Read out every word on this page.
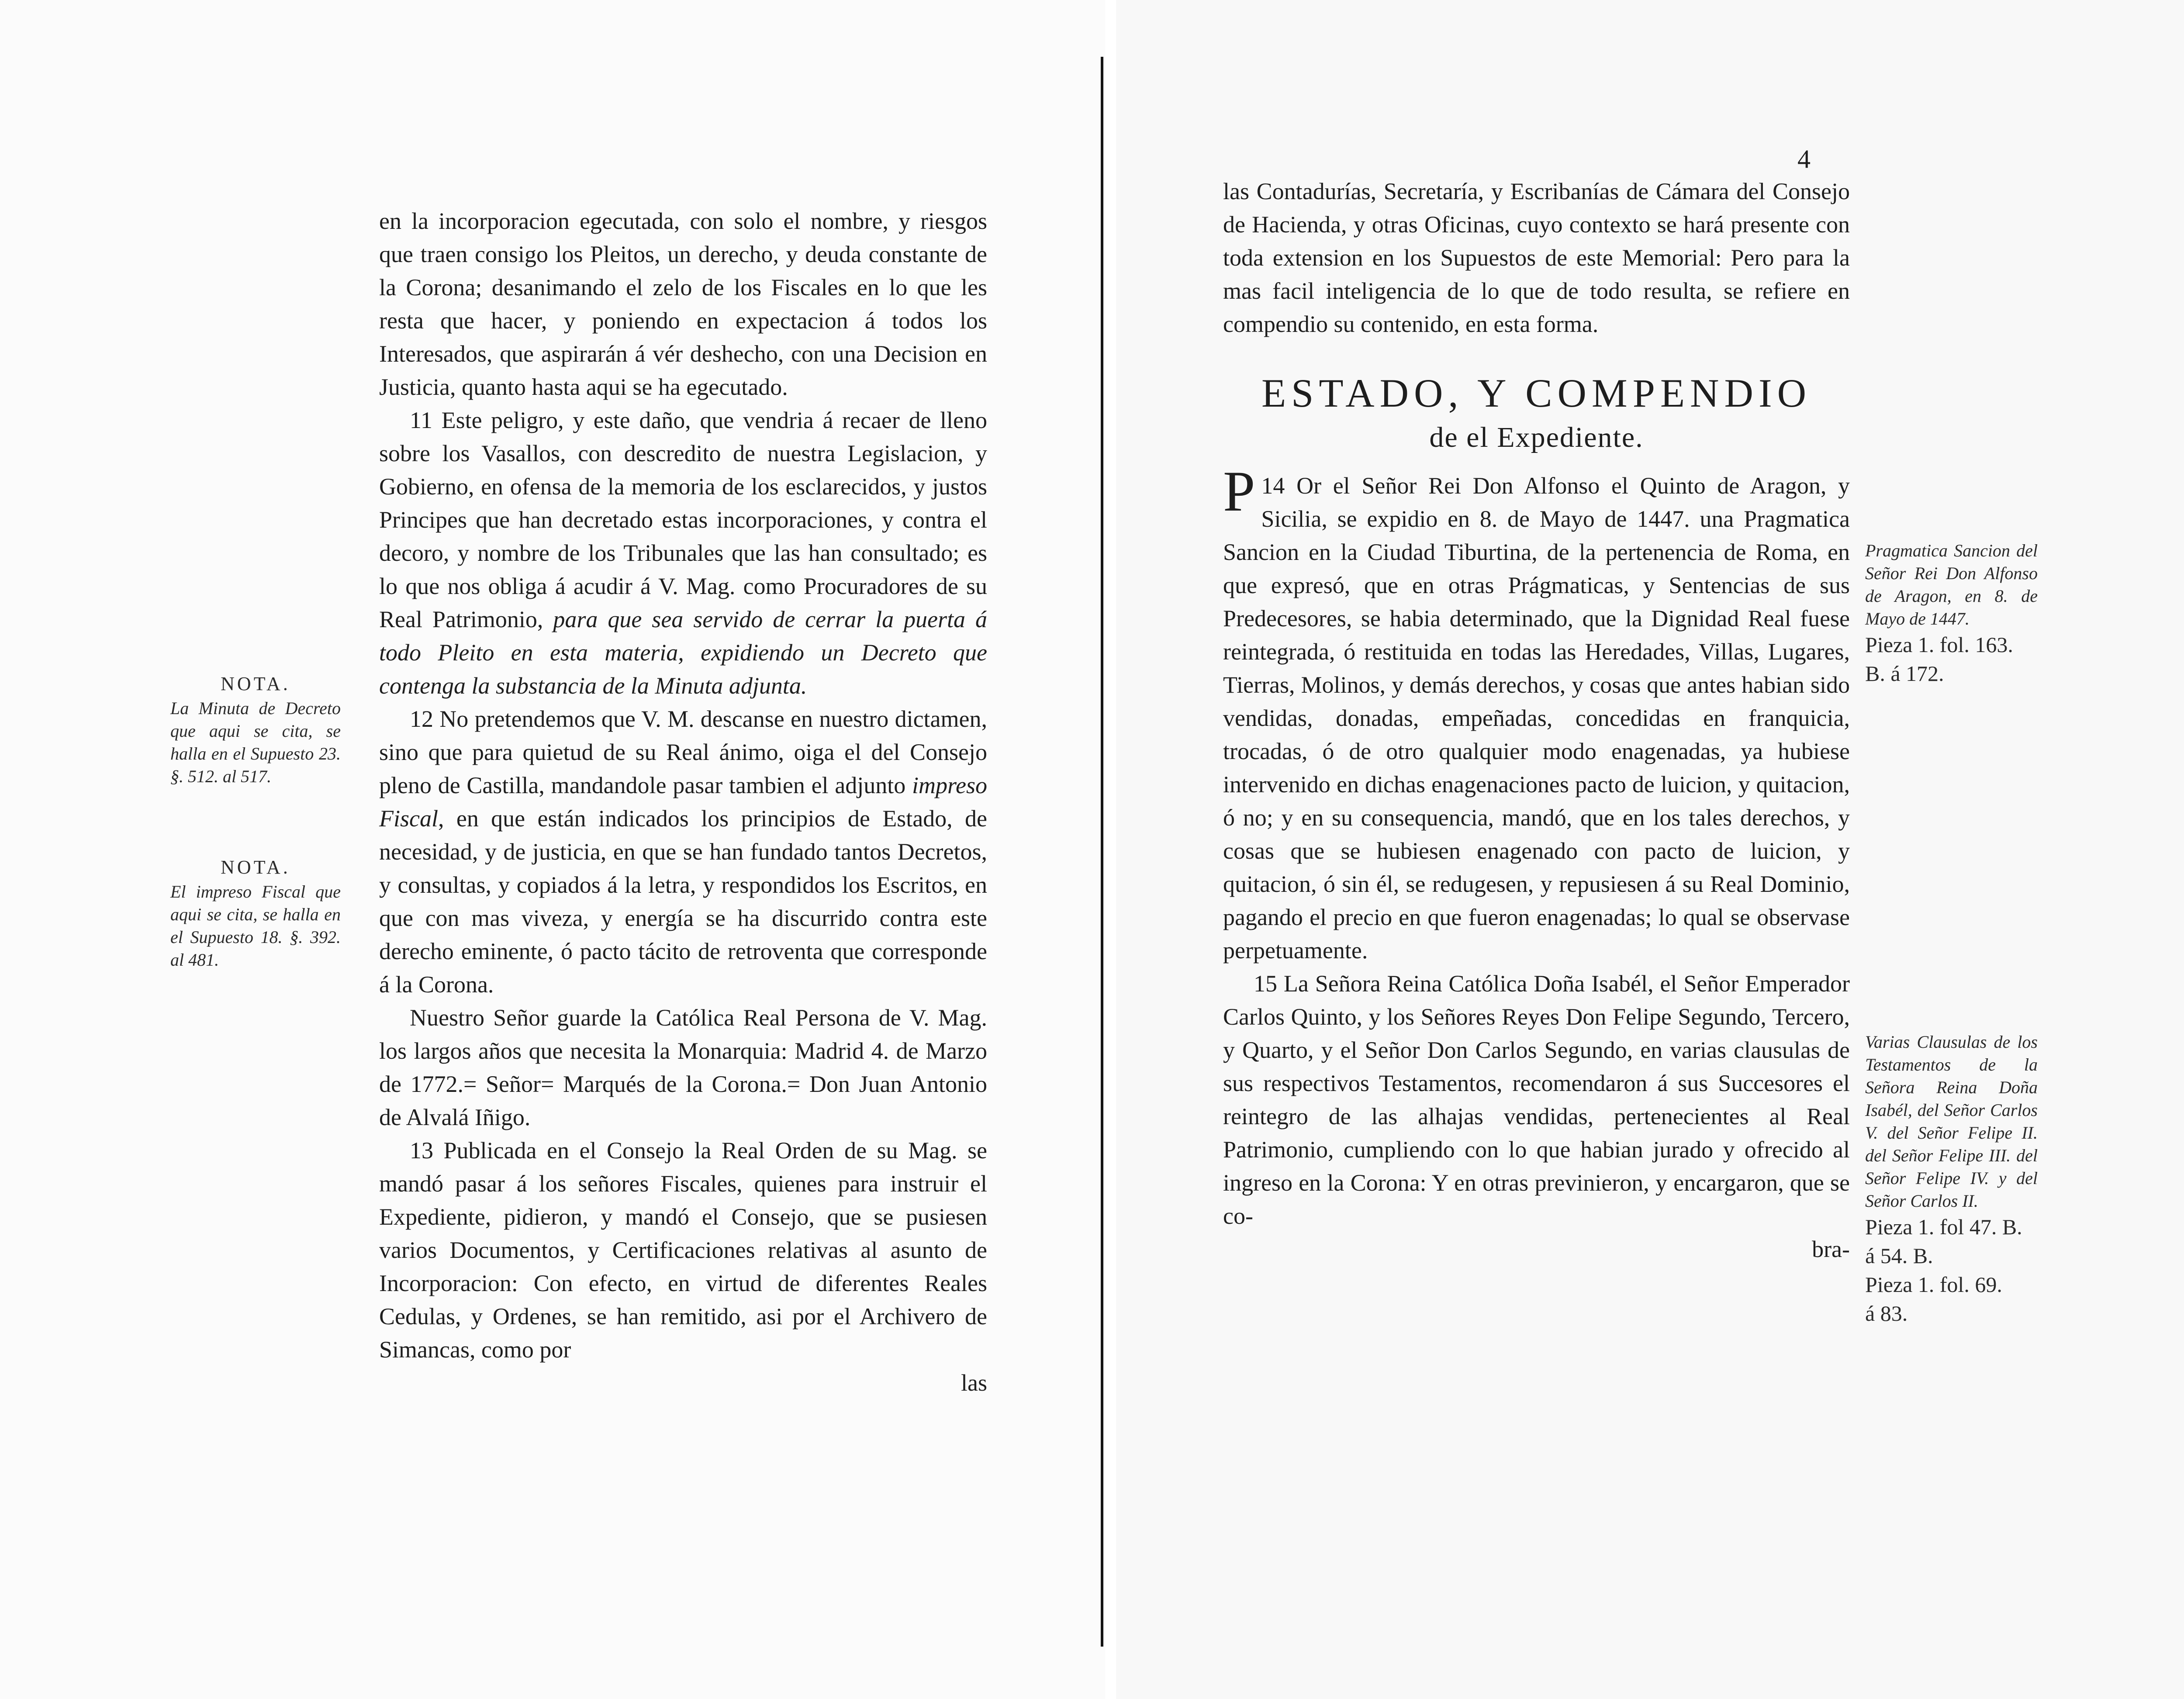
en la incorporacion egecutada, con solo el nombre, y riesgos que traen consigo los Pleitos, un derecho, y deuda constante de la Corona; desanimando el zelo de los Fiscales en lo que les resta que hacer, y poniendo en expectacion á todos los Interesados, que aspirarán á vér deshecho, con una Decision en Justicia, quanto hasta aqui se ha egecutado.

11 Este peligro, y este daño, que vendria á recaer de lleno sobre los Vasallos, con descredito de nuestra Legislacion, y Gobierno, en ofensa de la memoria de los esclarecidos, y justos Principes que han decretado estas incorporaciones, y contra el decoro, y nombre de los Tribunales que las han consultado; es lo que nos obliga á acudir á V. Mag. como Procuradores de su Real Patrimonio, para que sea servido de cerrar la puerta á todo Pleito en esta materia, expidiendo un Decreto que contenga la substancia de la Minuta adjunta.

12 No pretendemos que V. M. descanse en nuestro dictamen, sino que para quietud de su Real ánimo, oiga el del Consejo pleno de Castilla, mandandole pasar tambien el adjunto impreso Fiscal, en que están indicados los principios de Estado, de necesidad, y de justicia, en que se han fundado tantos Decretos, y consultas, y copiados á la letra, y respondidos los Escritos, en que con mas viveza, y energía se ha discurrido contra este derecho eminente, ó pacto tácito de retroventa que corresponde á la Corona.

Nuestro Señor guarde la Católica Real Persona de V. Mag. los largos años que necesita la Monarquia: Madrid 4. de Marzo de 1772.= Señor= Marqués de la Corona.= Don Juan Antonio de Alvalá Iñigo.

13 Publicada en el Consejo la Real Orden de su Mag. se mandó pasar á los señores Fiscales, quienes para instruir el Expediente, pidieron, y mandó el Consejo, que se pusiesen varios Documentos, y Certificaciones relativas al asunto de Incorporacion: Con efecto, en virtud de diferentes Reales Cedulas, y Ordenes, se han remitido, asi por el Archivero de Simancas, como por

las

NOTA.
La Minuta de Decreto que aqui se cita, se halla en el Supuesto 23. §. 512. al 517.
NOTA.
El impreso Fiscal que aqui se cita, se halla en el Supuesto 18. §. 392. al 481.
4

las Contadurías, Secretaría, y Escribanías de Cámara del Consejo de Hacienda, y otras Oficinas, cuyo contexto se hará presente con toda extension en los Supuestos de este Memorial: Pero para la mas facil inteligencia de lo que de todo resulta, se refiere en compendio su contenido, en esta forma.

ESTADO, Y COMPENDIO
de el Expediente.

14
P Or el Señor Rei Don Alfonso el Quinto de Aragon, y Sicilia, se expidio en 8. de Mayo de 1447. una Pragmatica Sancion en la Ciudad Tiburtina, de la pertenencia de Roma, en que expresó, que en otras Prágmaticas, y Sentencias de sus Predecesores, se habia determinado, que la Dignidad Real fuese reintegrada, ó restituida en todas las Heredades, Villas, Lugares, Tierras, Molinos, y demás derechos, y cosas que antes habian sido vendidas, donadas, empeñadas, concedidas en franquicia, trocadas, ó de otro qualquier modo enagenadas, ya hubiese intervenido en dichas enagenaciones pacto de luicion, y quitacion, ó no; y en su consequencia, mandó, que en los tales derechos, y cosas que se hubiesen enagenado con pacto de luicion, y quitacion, ó sin él, se redugesen, y repusiesen á su Real Dominio, pagando el precio en que fueron enagenadas; lo qual se observase perpetuamente.

15 La Señora Reina Católica Doña Isabél, el Señor Emperador Carlos Quinto, y los Señores Reyes Don Felipe Segundo, Tercero, y Quarto, y el Señor Don Carlos Segundo, en varias clausulas de sus respectivos Testamentos, recomendaron á sus Succesores el reintegro de las alhajas vendidas, pertenecientes al Real Patrimonio, cumpliendo con lo que habian jurado y ofrecido al ingreso en la Corona: Y en otras previnieron, y encargaron, que se co-

bra-

Pragmatica Sancion del Señor Rei Don Alfonso de Aragon, en 8. de Mayo de 1447.
Pieza 1. fol. 163.
B. á 172.
Varias Clausulas de los Testamentos de la Señora Reina Doña Isabél, del Señor Carlos V. del Señor Felipe II. del Señor Felipe III. del Señor Felipe IV. y del Señor Carlos II.
Pieza 1. fol 47. B.
á 54. B.
Pieza 1. fol. 69.
á 83.
